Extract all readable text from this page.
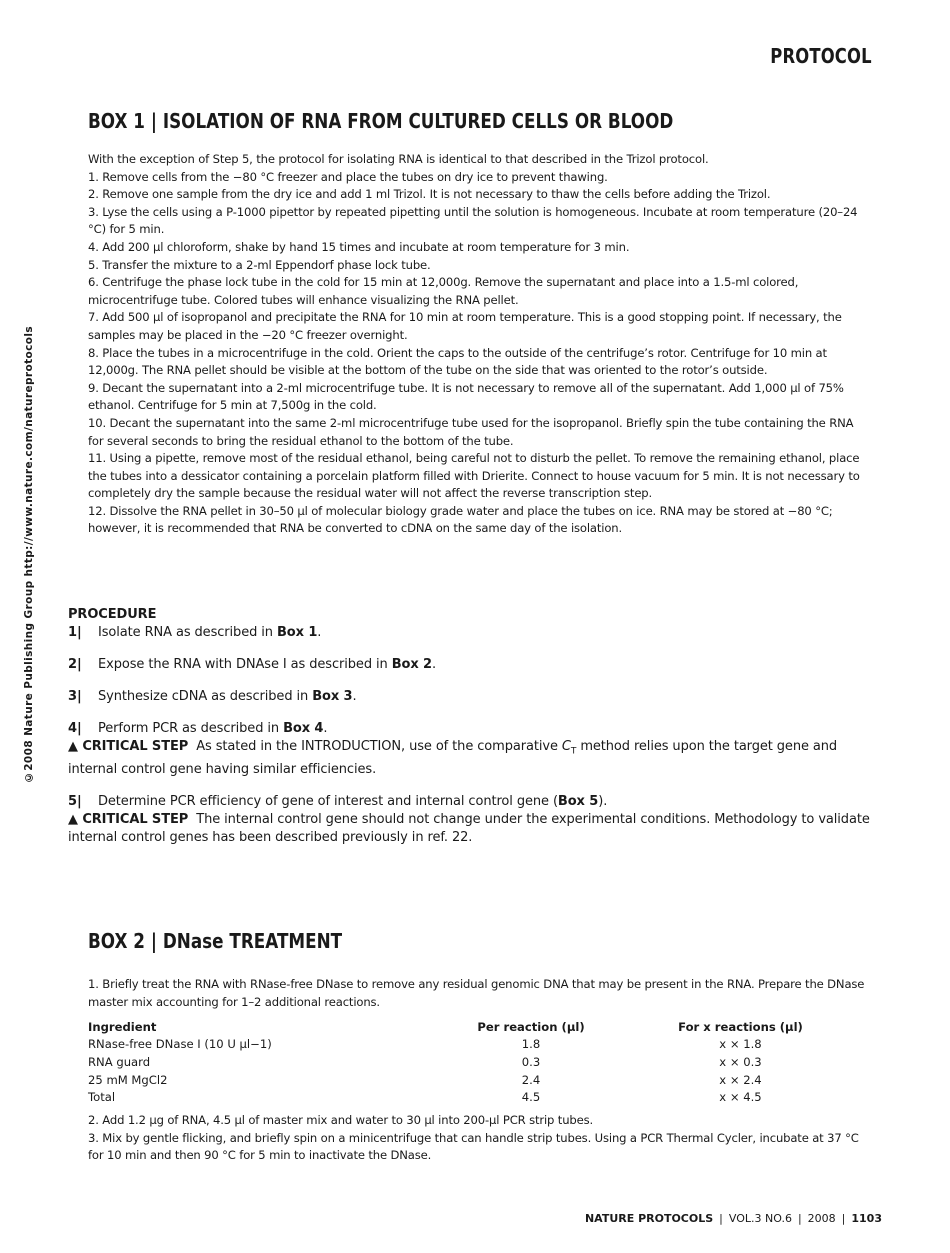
PROTOCOL
©2008 Nature Publishing Group http://www.nature.com/natureprotocols
BOX 1 | ISOLATION OF RNA FROM CULTURED CELLS OR BLOOD

With the exception of Step 5, the protocol for isolating RNA is identical to that described in the Trizol protocol.

1. Remove cells from the −80 °C freezer and place the tubes on dry ice to prevent thawing.

2. Remove one sample from the dry ice and add 1 ml Trizol. It is not necessary to thaw the cells before adding the Trizol.

3. Lyse the cells using a P-1000 pipettor by repeated pipetting until the solution is homogeneous. Incubate at room temperature (20–24 °C) for 5 min.

4. Add 200 µl chloroform, shake by hand 15 times and incubate at room temperature for 3 min.

5. Transfer the mixture to a 2-ml Eppendorf phase lock tube.

6. Centrifuge the phase lock tube in the cold for 15 min at 12,000g. Remove the supernatant and place into a 1.5-ml colored, microcentrifuge tube. Colored tubes will enhance visualizing the RNA pellet.

7. Add 500 µl of isopropanol and precipitate the RNA for 10 min at room temperature. This is a good stopping point. If necessary, the samples may be placed in the −20 °C freezer overnight.

8. Place the tubes in a microcentrifuge in the cold. Orient the caps to the outside of the centrifuge’s rotor. Centrifuge for 10 min at 12,000g. The RNA pellet should be visible at the bottom of the tube on the side that was oriented to the rotor’s outside.

9. Decant the supernatant into a 2-ml microcentrifuge tube. It is not necessary to remove all of the supernatant. Add 1,000 µl of 75% ethanol. Centrifuge for 5 min at 7,500g in the cold.

10. Decant the supernatant into the same 2-ml microcentrifuge tube used for the isopropanol. Briefly spin the tube containing the RNA for several seconds to bring the residual ethanol to the bottom of the tube.

11. Using a pipette, remove most of the residual ethanol, being careful not to disturb the pellet. To remove the remaining ethanol, place the tubes into a dessicator containing a porcelain platform filled with Drierite. Connect to house vacuum for 5 min. It is not necessary to completely dry the sample because the residual water will not affect the reverse transcription step.

12. Dissolve the RNA pellet in 30–50 µl of molecular biology grade water and place the tubes on ice. RNA may be stored at −80 °C; however, it is recommended that RNA be converted to cDNA on the same day of the isolation.

PROCEDURE

1| Isolate RNA as described in Box 1.

2| Expose the RNA with DNAse I as described in Box 2.

3| Synthesize cDNA as described in Box 3.

4| Perform PCR as described in Box 4.

▲ CRITICAL STEP As stated in the INTRODUCTION, use of the comparative $C_T$ method relies upon the target gene and internal control gene having similar efficiencies.

5| Determine PCR efficiency of gene of interest and internal control gene (Box 5).

▲ CRITICAL STEP The internal control gene should not change under the experimental conditions. Methodology to validate internal control genes has been described previously in ref. 22.

BOX 2 | DNase TREATMENT

1. Briefly treat the RNA with RNase-free DNase to remove any residual genomic DNA that may be present in the RNA. Prepare the DNase master mix accounting for 1–2 additional reactions.

Ingredient	Per reaction (µl)	For x reactions (µl)
RNase-free DNase I (10 U µl−1)	1.8	x × 1.8
RNA guard	0.3	x × 0.3
25 mM MgCl2	2.4	x × 2.4
Total	4.5	x × 4.5

2. Add 1.2 µg of RNA, 4.5 µl of master mix and water to 30 µl into 200-µl PCR strip tubes.

3. Mix by gentle flicking, and briefly spin on a minicentrifuge that can handle strip tubes. Using a PCR Thermal Cycler, incubate at 37 °C for 10 min and then 90 °C for 5 min to inactivate the DNase.

NATURE PROTOCOLS | VOL.3 NO.6 | 2008 | 1103
